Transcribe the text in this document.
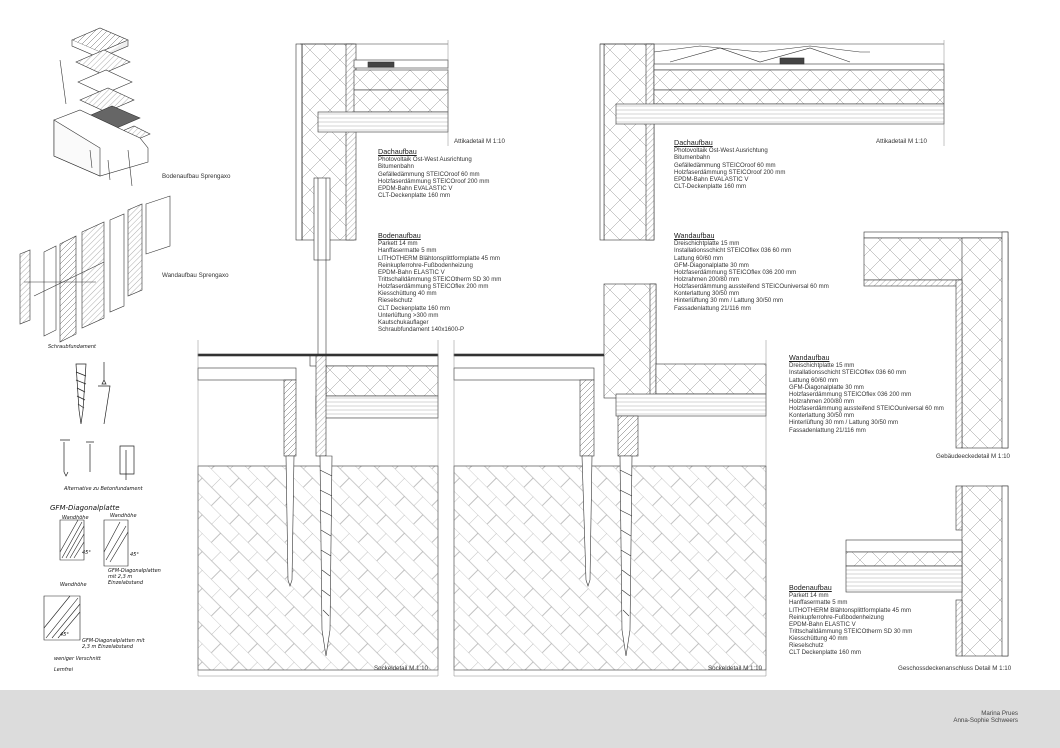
Bodenaufbau Sprengaxo
Wandaufbau Sprengaxo
Attikadetail M 1:10	Attikadetail M 1:10
Sockeldetail M 1:10	Sockeldetail M 1:10
Gebäudeeckedetail M 1:10
Geschossdeckenanschluss Detail M 1:10
Schraubfundament
Alternative zu Betonfundament
GFM-Diagonalplatte
Wandhöhe	Wandhöhe
Wandhöhe
45°	45°
45°
GFM-Diagonalplatten mit 2,3 m Einzelabstand
GFM-Diagonalplatten mit 2,3 m Einzelabstand
weniger Verschnitt
Lemfrei
Dachaufbau
Photovoltaik Ost-West Ausrichtung
Bitumenbahn
Gefälledämmung STEICOroof 60 mm
Holzfaserdämmung STEICOroof 200 mm
EPDM-Bahn EVALASTIC V
CLT-Deckenplatte 160 mm
Bodenaufbau
Parkett 14 mm
Hanffasermatte 5 mm
LITHOTHERM Blähtonsplittformplatte 45 mm
Reinkupferrohre-Fußbodenheizung
EPDM-Bahn ELASTIC V
Trittschalldämmung STEICOtherm SD 30 mm
Holzfaserdämmung STEICOflex 200 mm
Kiesschüttung 40 mm
Rieselschutz
CLT Deckenplatte 160 mm
Unterlüftung >300 mm
Kautschukauflager
Schraubfundament 140x1600-P
Dachaufbau
Photovoltaik Ost-West Ausrichtung
Bitumenbahn
Gefälledämmung STEICOroof 60 mm
Holzfaserdämmung STEICOroof 200 mm
EPDM-Bahn EVALASTIC V
CLT-Deckenplatte 160 mm
Wandaufbau
Dreischichtplatte 15 mm
Installationsschicht STEICOflex 036 60 mm
Lattung 60/60 mm
GFM-Diagonalplatte 30 mm
Holzfaserdämmung STEICOflex 036 200 mm
Holzrahmen 200/80 mm
Holzfaserdämmung aussteifend STEICOuniversal 60 mm
Konterlattung 30/50 mm
Hinterlüftung 30 mm / Lattung 30/50 mm
Fassadenlattung 21/116 mm
Wandaufbau
Dreischichtplatte 15 mm
Installationsschicht STEICOflex 036 60 mm
Lattung 60/60 mm
GFM-Diagonalplatte 30 mm
Holzfaserdämmung STEICOflex 036 200 mm
Holzrahmen 200/80 mm
Holzfaserdämmung aussteifend STEICOuniversal 60 mm
Konterlattung 30/50 mm
Hinterlüftung 30 mm / Lattung 30/50 mm
Fassadenlattung 21/116 mm
Bodenaufbau
Parkett 14 mm
Hanffasermatte 5 mm
LITHOTHERM Blähtonsplittformplatte 45 mm
Reinkupferrohre-Fußbodenheizung
EPDM-Bahn ELASTIC V
Trittschalldämmung STEICOtherm SD 30 mm
Kiesschüttung 40 mm
Rieselschutz
CLT Deckenplatte 160 mm
Marina Prues
Anna-Sophie Schweers
